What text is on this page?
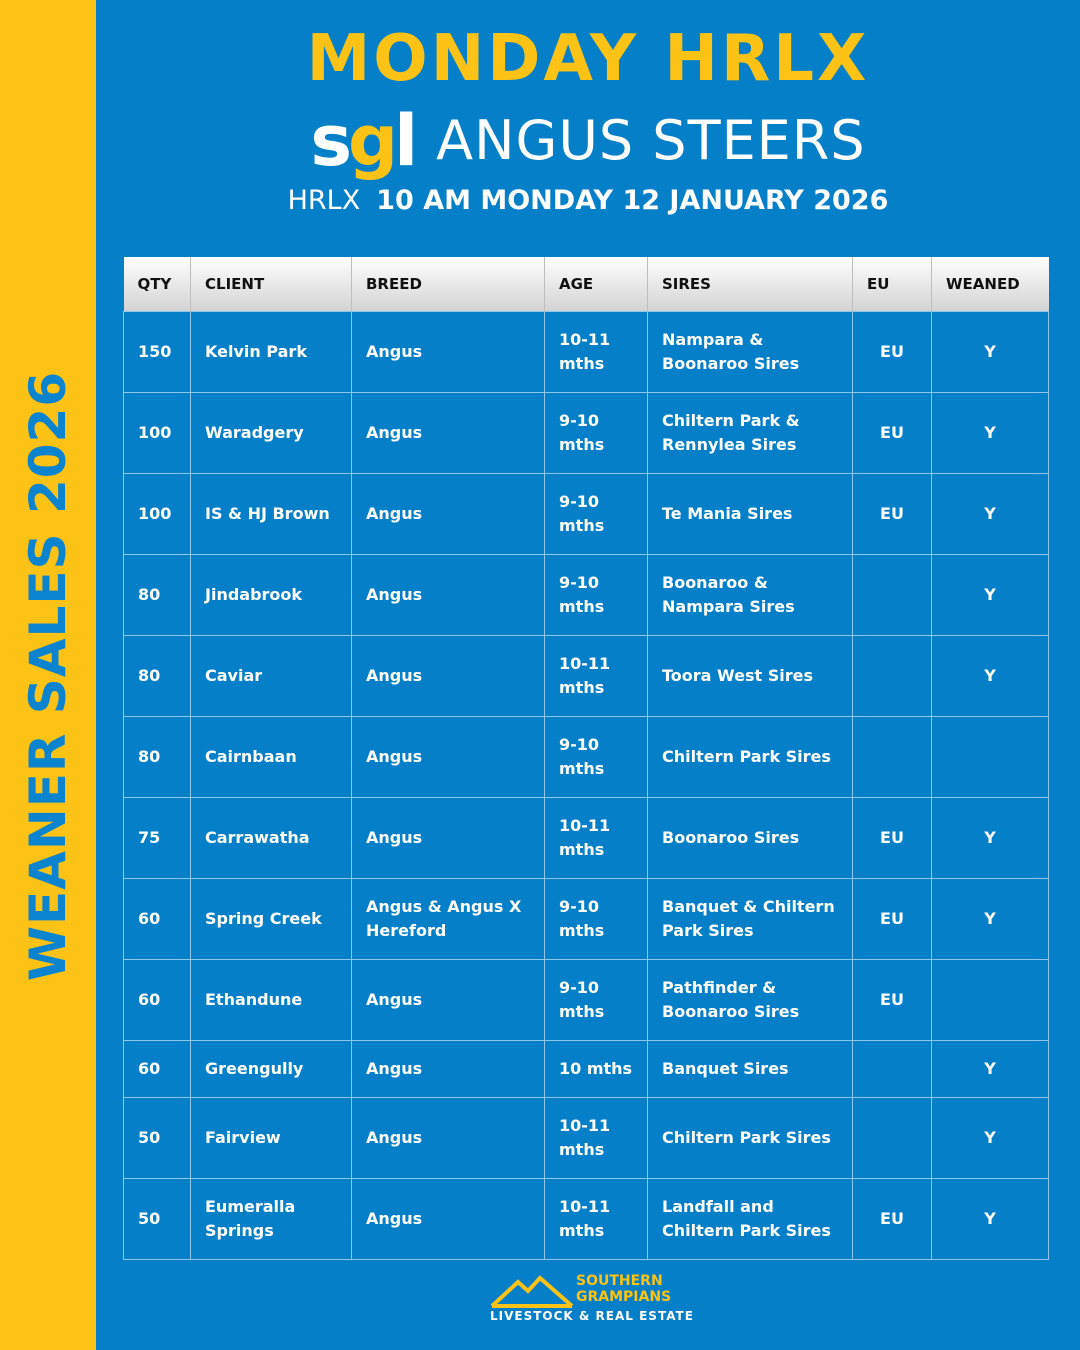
WEANER SALES 2026
MONDAY HRLX
sgl ANGUS STEERS
HRLX 10 AM MONDAY 12 JANUARY 2026
QTY	CLIENT	BREED	AGE	SIRES	EU	WEANED
150	Kelvin Park	Angus	10-11 mths	Nampara & Boonaroo Sires	EU	Y
100	Waradgery	Angus	9-10 mths	Chiltern Park & Rennylea Sires	EU	Y
100	IS & HJ Brown	Angus	9-10 mths	Te Mania Sires	EU	Y
80	Jindabrook	Angus	9-10 mths	Boonaroo & Nampara Sires		Y
80	Caviar	Angus	10-11 mths	Toora West Sires		Y
80	Cairnbaan	Angus	9-10 mths	Chiltern Park Sires		
75	Carrawatha	Angus	10-11 mths	Boonaroo Sires	EU	Y
60	Spring Creek	Angus & Angus X Hereford	9-10 mths	Banquet & Chiltern Park Sires	EU	Y
60	Ethandune	Angus	9-10 mths	Pathfinder & Boonaroo Sires	EU	
60	Greengully	Angus	10 mths	Banquet Sires		Y
50	Fairview	Angus	10-11 mths	Chiltern Park Sires		Y
50	Eumeralla Springs	Angus	10-11 mths	Landfall and Chiltern Park Sires	EU	Y
SOUTHERN
GRAMPIANS
LIVESTOCK & REAL ESTATE
